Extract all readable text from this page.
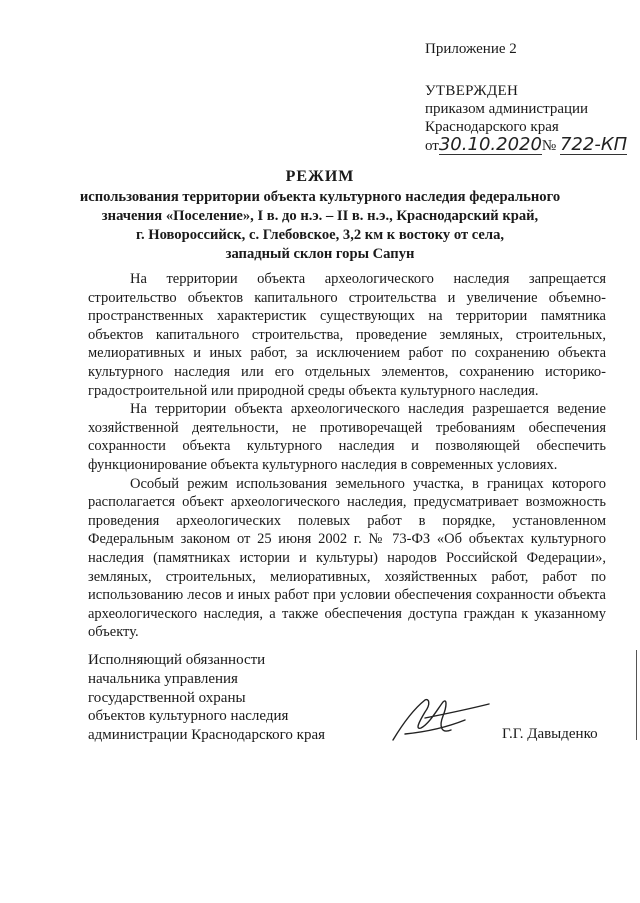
Приложение 2
УТВЕРЖДЕН
приказом администрации
Краснодарского края
от30.10.2020№ 722-КП
РЕЖИМ
использования территории объекта культурного наследия федерального
значения «Поселение», I в. до н.э. – II в. н.э., Краснодарский край,
г. Новороссийск, с. Глебовское, 3,2 км к востоку от села,
западный склон горы Сапун

На территории объекта археологического наследия запрещается строительство объектов капитального строительства и увеличение объемно-пространственных характеристик существующих на территории памятника объектов капитального строительства, проведение земляных, строительных, мелиоративных и иных работ, за исключением работ по сохранению объекта культурного наследия или его отдельных элементов, сохранению историко-градостроительной или природной среды объекта культурного наследия.

На территории объекта археологического наследия разрешается ведение хозяйственной деятельности, не противоречащей требованиям обеспечения сохранности объекта культурного наследия и позволяющей обеспечить функционирование объекта культурного наследия в современных условиях.

Особый режим использования земельного участка, в границах которого располагается объект археологического наследия, предусматривает возможность проведения археологических полевых работ в порядке, установленном Федеральным законом от 25 июня 2002 г. № 73-ФЗ «Об объектах культурного наследия (памятниках истории и культуры) народов Российской Федерации», земляных, строительных, мелиоративных, хозяйственных работ, работ по использованию лесов и иных работ при условии обеспечения сохранности объекта археологического наследия, а также обеспечения доступа граждан к указанному объекту.

Исполняющий обязанности
начальника управления
государственной охраны
объектов культурного наследия
администрации Краснодарского края	Г.Г. Давыденко
